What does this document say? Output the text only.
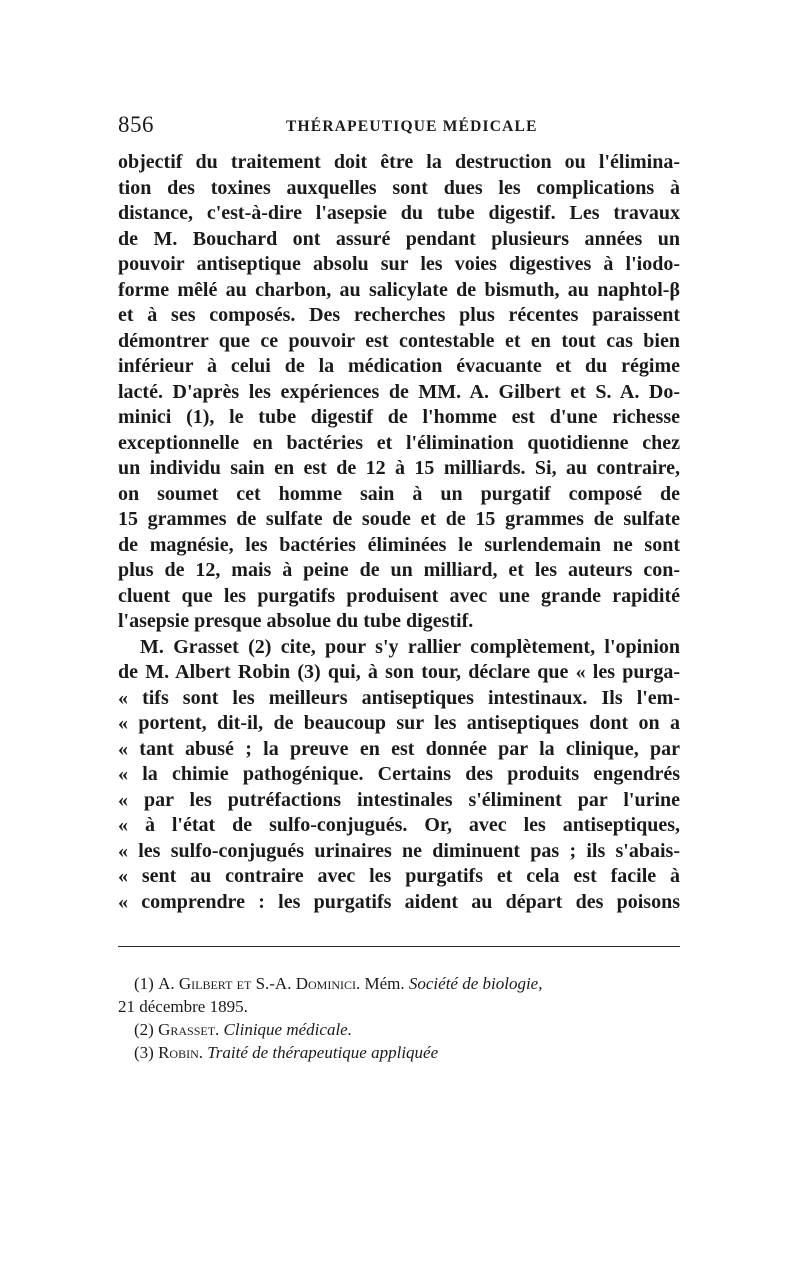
856	THÉRAPEUTIQUE MÉDICALE
objectif du traitement doit être la destruction ou l'élimina-
tion des toxines auxquelles sont dues les complications à
distance, c'est-à-dire l'asepsie du tube digestif. Les travaux
de M. Bouchard ont assuré pendant plusieurs années un
pouvoir antiseptique absolu sur les voies digestives à l'iodo-
forme mêlé au charbon, au salicylate de bismuth, au naphtol-β
et à ses composés. Des recherches plus récentes paraissent
démontrer que ce pouvoir est contestable et en tout cas bien
inférieur à celui de la médication évacuante et du régime
lacté. D'après les expériences de MM. A. Gilbert et S. A. Do-
minici (1), le tube digestif de l'homme est d'une richesse
exceptionnelle en bactéries et l'élimination quotidienne chez
un individu sain en est de 12 à 15 milliards. Si, au contraire,
on soumet cet homme sain à un purgatif composé de
15 grammes de sulfate de soude et de 15 grammes de sulfate
de magnésie, les bactéries éliminées le surlendemain ne sont
plus de 12, mais à peine de un milliard, et les auteurs con-
cluent que les purgatifs produisent avec une grande rapidité
l'asepsie presque absolue du tube digestif.
M. Grasset (2) cite, pour s'y rallier complètement, l'opinion
de M. Albert Robin (3) qui, à son tour, déclare que « les purga-
« tifs sont les meilleurs antiseptiques intestinaux. Ils l'em-
« portent, dit-il, de beaucoup sur les antiseptiques dont on a
« tant abusé ; la preuve en est donnée par la clinique, par
« la chimie pathogénique. Certains des produits engendrés
« par les putréfactions intestinales s'éliminent par l'urine
« à l'état de sulfo-conjugués. Or, avec les antiseptiques,
« les sulfo-conjugués urinaires ne diminuent pas ; ils s'abais-
« sent au contraire avec les purgatifs et cela est facile à
« comprendre : les purgatifs aident au départ des poisons
(1) A. Gilbert et S.-A. Dominici. Mém. Société de biologie,
21 décembre 1895.
(2) Grasset. Clinique médicale.
(3) Robin. Traité de thérapeutique appliquée
